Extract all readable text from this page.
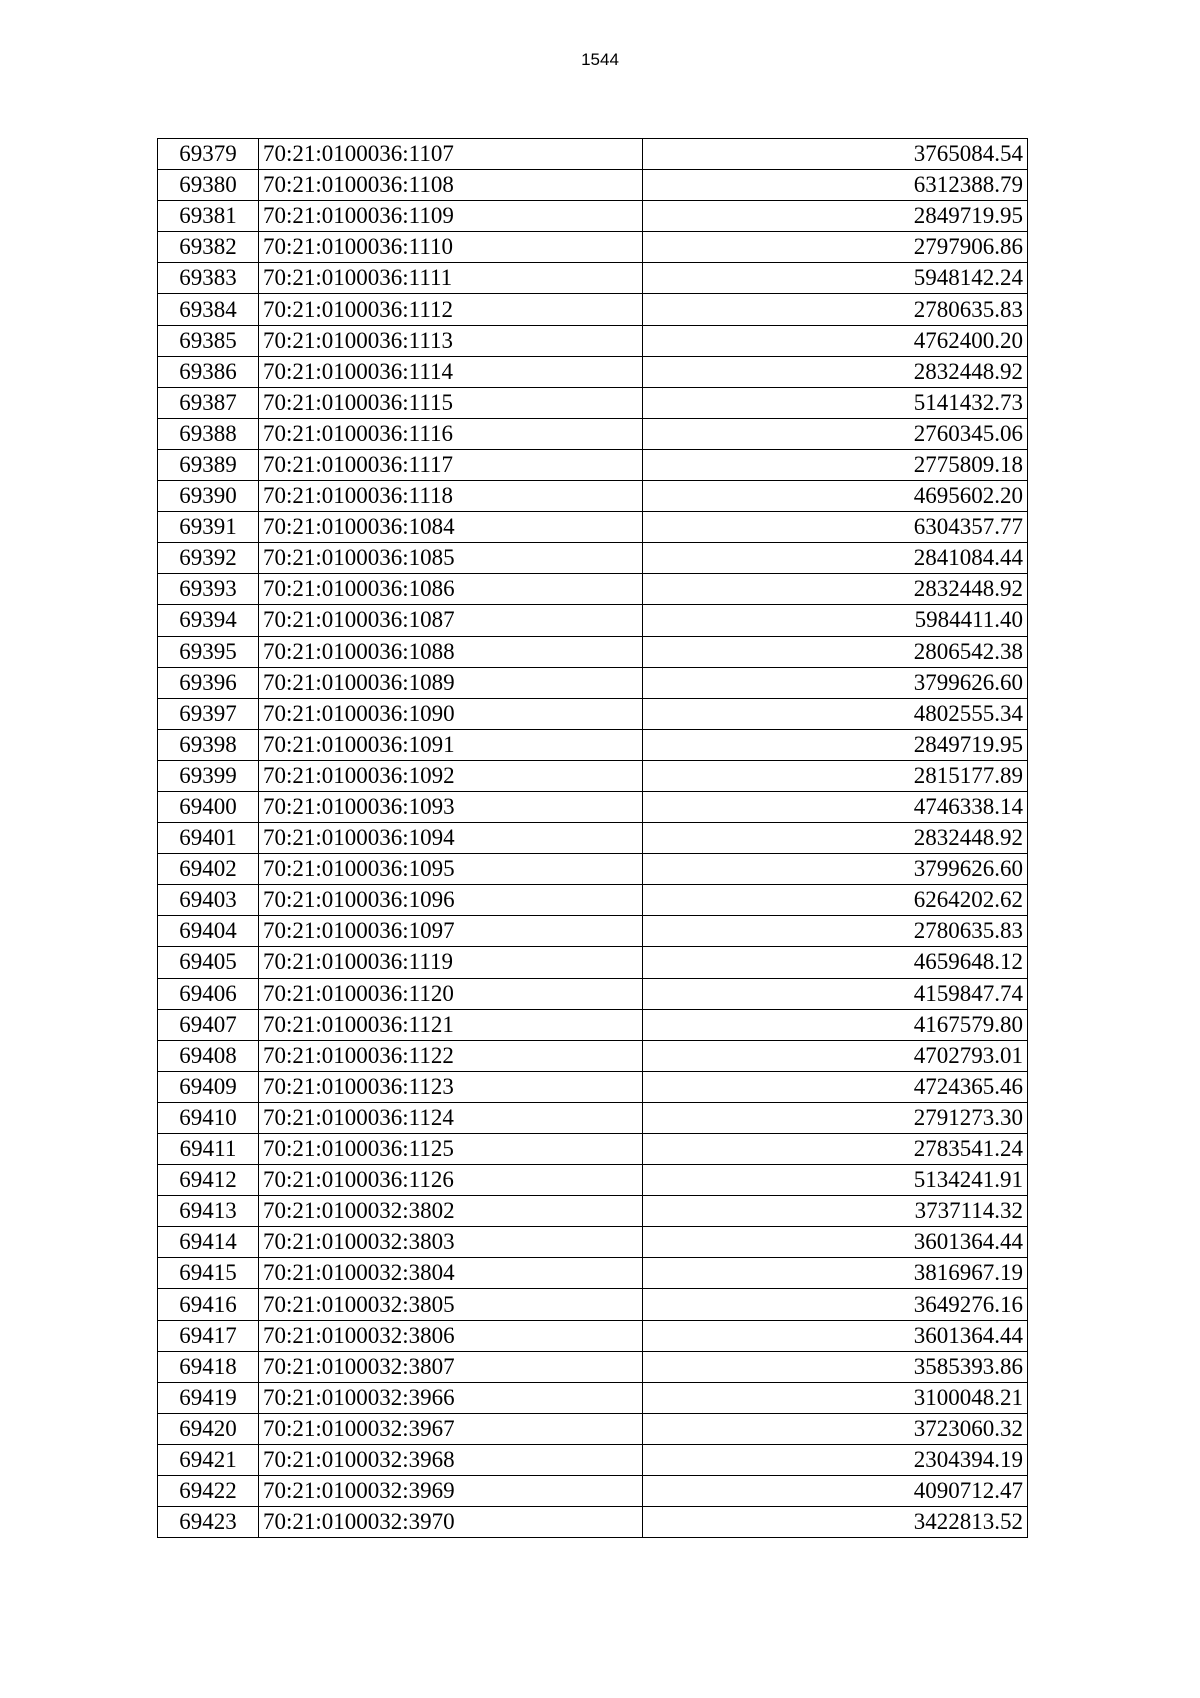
1544
69379	70:21:0100036:1107	3765084.54
69380	70:21:0100036:1108	6312388.79
69381	70:21:0100036:1109	2849719.95
69382	70:21:0100036:1110	2797906.86
69383	70:21:0100036:1111	5948142.24
69384	70:21:0100036:1112	2780635.83
69385	70:21:0100036:1113	4762400.20
69386	70:21:0100036:1114	2832448.92
69387	70:21:0100036:1115	5141432.73
69388	70:21:0100036:1116	2760345.06
69389	70:21:0100036:1117	2775809.18
69390	70:21:0100036:1118	4695602.20
69391	70:21:0100036:1084	6304357.77
69392	70:21:0100036:1085	2841084.44
69393	70:21:0100036:1086	2832448.92
69394	70:21:0100036:1087	5984411.40
69395	70:21:0100036:1088	2806542.38
69396	70:21:0100036:1089	3799626.60
69397	70:21:0100036:1090	4802555.34
69398	70:21:0100036:1091	2849719.95
69399	70:21:0100036:1092	2815177.89
69400	70:21:0100036:1093	4746338.14
69401	70:21:0100036:1094	2832448.92
69402	70:21:0100036:1095	3799626.60
69403	70:21:0100036:1096	6264202.62
69404	70:21:0100036:1097	2780635.83
69405	70:21:0100036:1119	4659648.12
69406	70:21:0100036:1120	4159847.74
69407	70:21:0100036:1121	4167579.80
69408	70:21:0100036:1122	4702793.01
69409	70:21:0100036:1123	4724365.46
69410	70:21:0100036:1124	2791273.30
69411	70:21:0100036:1125	2783541.24
69412	70:21:0100036:1126	5134241.91
69413	70:21:0100032:3802	3737114.32
69414	70:21:0100032:3803	3601364.44
69415	70:21:0100032:3804	3816967.19
69416	70:21:0100032:3805	3649276.16
69417	70:21:0100032:3806	3601364.44
69418	70:21:0100032:3807	3585393.86
69419	70:21:0100032:3966	3100048.21
69420	70:21:0100032:3967	3723060.32
69421	70:21:0100032:3968	2304394.19
69422	70:21:0100032:3969	4090712.47
69423	70:21:0100032:3970	3422813.52
